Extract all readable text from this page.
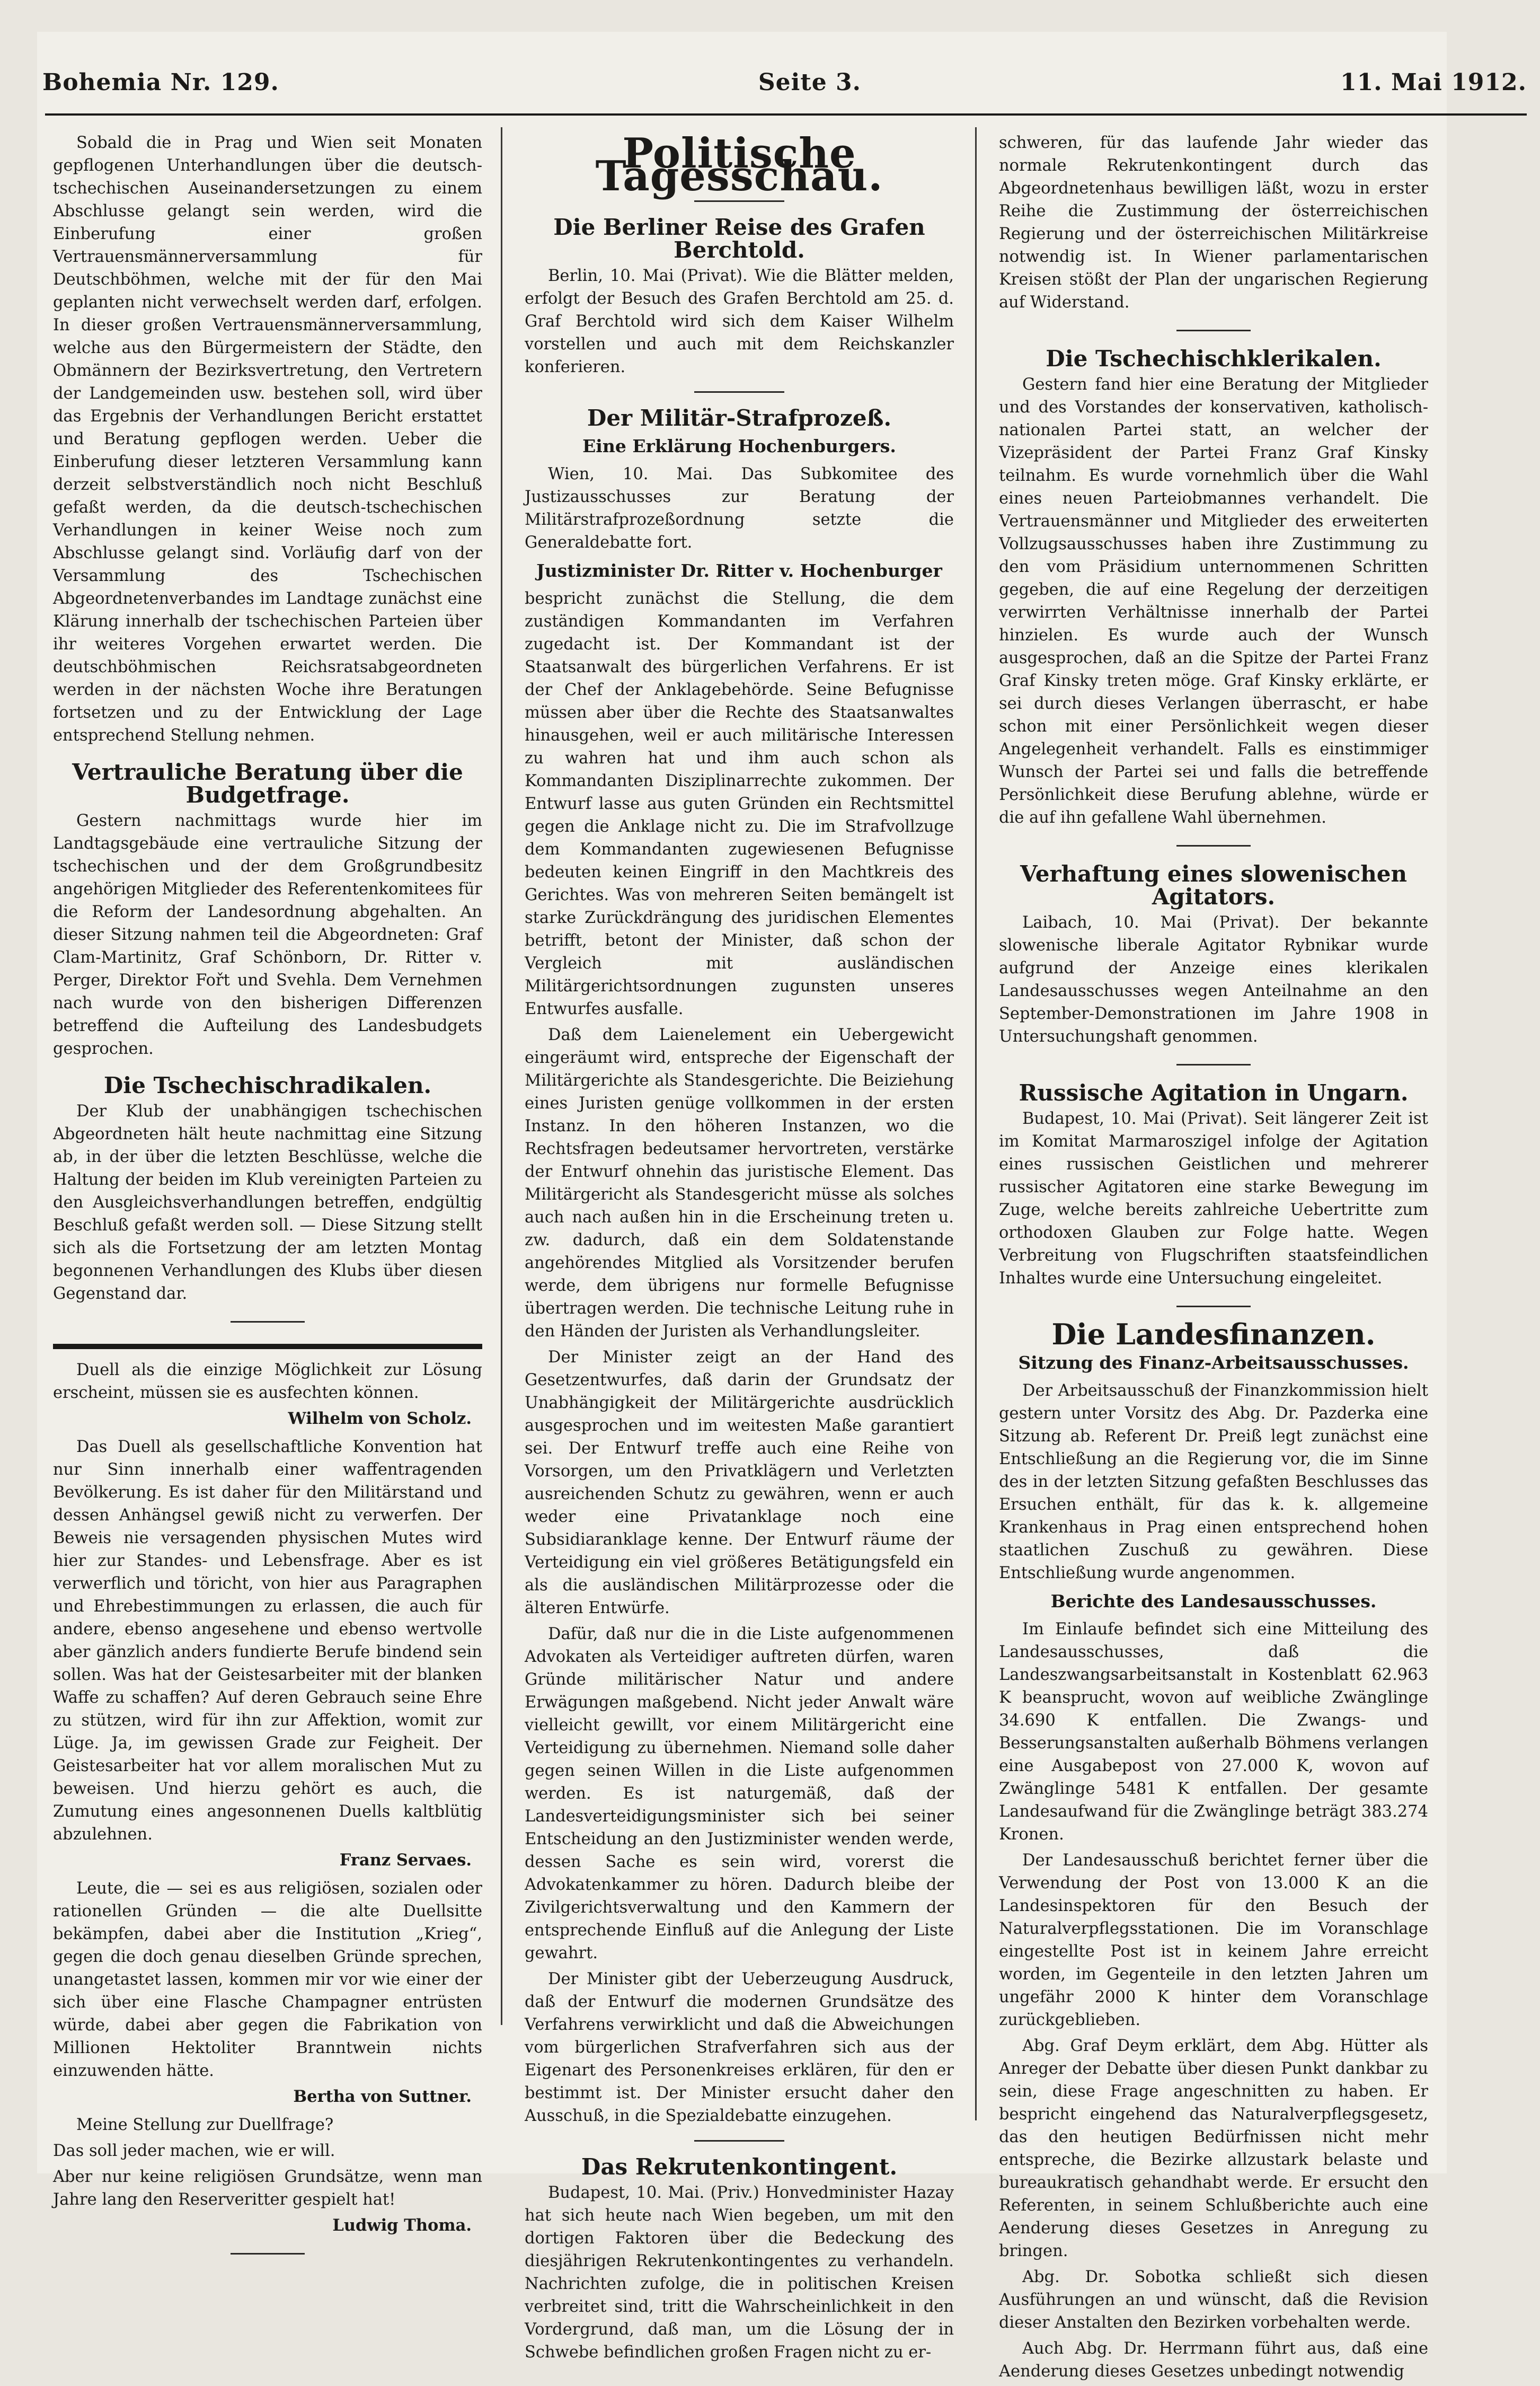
Bohemia Nr. 129.	Seite 3.	11. Mai 1912.

Sobald die in Prag und Wien seit Monaten gepflogenen Unterhandlungen über die deutsch-tschechischen Auseinandersetzungen zu einem Abschlusse gelangt sein werden, wird die Einberufung einer großen Vertrauensmännerversammlung für Deutschböhmen, welche mit der für den Mai geplanten nicht verwechselt werden darf, erfolgen. In dieser großen Vertrauensmännerversammlung, welche aus den Bürgermeistern der Städte, den Obmännern der Bezirksvertretung, den Vertretern der Landgemeinden usw. bestehen soll, wird über das Ergebnis der Verhandlungen Bericht erstattet und Beratung gepflogen werden. Ueber die Einberufung dieser letzteren Versammlung kann derzeit selbstverständlich noch nicht Beschluß gefaßt werden, da die deutsch-tschechischen Verhandlungen in keiner Weise noch zum Abschlusse gelangt sind. Vorläufig darf von der Versammlung des Tschechischen Abgeordnetenverbandes im Landtage zunächst eine Klärung innerhalb der tschechischen Parteien über ihr weiteres Vorgehen erwartet werden. Die deutschböhmischen Reichsratsabgeordneten werden in der nächsten Woche ihre Beratungen fortsetzen und zu der Entwicklung der Lage entsprechend Stellung nehmen.

Vertrauliche Beratung über die Budgetfrage.

Gestern nachmittags wurde hier im Landtagsgebäude eine vertrauliche Sitzung der tschechischen und der dem Großgrundbesitz angehörigen Mitglieder des Referentenkomitees für die Reform der Landesordnung abgehalten. An dieser Sitzung nahmen teil die Abgeordneten: Graf Clam-Martinitz, Graf Schönborn, Dr. Ritter v. Perger, Direktor Fořt und Svehla. Dem Vernehmen nach wurde von den bisherigen Differenzen betreffend die Aufteilung des Landesbudgets gesprochen.

Die Tschechischradikalen.

Der Klub der unabhängigen tschechischen Abgeordneten hält heute nachmittag eine Sitzung ab, in der über die letzten Beschlüsse, welche die Haltung der beiden im Klub vereinigten Parteien zu den Ausgleichsverhandlungen betreffen, endgültig Beschluß gefaßt werden soll. — Diese Sitzung stellt sich als die Fortsetzung der am letzten Montag begonnenen Verhandlungen des Klubs über diesen Gegenstand dar.

Duell als die einzige Möglichkeit zur Lösung erscheint, müssen sie es ausfechten können.

Wilhelm von Scholz.

Das Duell als gesellschaftliche Konvention hat nur Sinn innerhalb einer waffentragenden Bevölkerung. Es ist daher für den Militärstand und dessen Anhängsel gewiß nicht zu verwerfen. Der Beweis nie versagenden physischen Mutes wird hier zur Standes- und Lebensfrage. Aber es ist verwerflich und töricht, von hier aus Paragraphen und Ehrebestimmungen zu erlassen, die auch für andere, ebenso angesehene und ebenso wertvolle aber gänzlich anders fundierte Berufe bindend sein sollen. Was hat der Geistesarbeiter mit der blanken Waffe zu schaffen? Auf deren Gebrauch seine Ehre zu stützen, wird für ihn zur Affektion, womit zur Lüge. Ja, im gewissen Grade zur Feigheit. Der Geistesarbeiter hat vor allem moralischen Mut zu beweisen. Und hierzu gehört es auch, die Zumutung eines angesonnenen Duells kaltblütig abzulehnen.

Franz Servaes.

Leute, die — sei es aus religiösen, sozialen oder rationellen Gründen — die alte Duellsitte bekämpfen, dabei aber die Institution „Krieg“, gegen die doch genau dieselben Gründe sprechen, unangetastet lassen, kommen mir vor wie einer der sich über eine Flasche Champagner entrüsten würde, dabei aber gegen die Fabrikation von Millionen Hektoliter Branntwein nichts einzuwenden hätte.

Bertha von Suttner.

Meine Stellung zur Duellfrage?

Das soll jeder machen, wie er will.

Aber nur keine religiösen Grundsätze, wenn man Jahre lang den Reserveritter gespielt hat!

Ludwig Thoma.
Politische Tagesschau.
Die Berliner Reise des Grafen Berchtold.

Berlin, 10. Mai (Privat). Wie die Blätter melden, erfolgt der Besuch des Grafen Berchtold am 25. d. Graf Berchtold wird sich dem Kaiser Wilhelm vorstellen und auch mit dem Reichskanzler konferieren.

Der Militär-Strafprozeß.
Eine Erklärung Hochenburgers.

Wien, 10. Mai. Das Subkomitee des Justizausschusses zur Beratung der Militärstrafprozeßordnung setzte die Generaldebatte fort.

Justizminister Dr. Ritter v. Hochenburger

bespricht zunächst die Stellung, die dem zuständigen Kommandanten im Verfahren zugedacht ist. Der Kommandant ist der Staatsanwalt des bürgerlichen Verfahrens. Er ist der Chef der Anklagebehörde. Seine Befugnisse müssen aber über die Rechte des Staatsanwaltes hinausgehen, weil er auch militärische Interessen zu wahren hat und ihm auch schon als Kommandanten Disziplinarrechte zukommen. Der Entwurf lasse aus guten Gründen ein Rechtsmittel gegen die Anklage nicht zu. Die im Strafvollzuge dem Kommandanten zugewiesenen Befugnisse bedeuten keinen Eingriff in den Machtkreis des Gerichtes. Was von mehreren Seiten bemängelt ist starke Zurückdrängung des juridischen Elementes betrifft, betont der Minister, daß schon der Vergleich mit ausländischen Militärgerichtsordnungen zugunsten unseres Entwurfes ausfalle.

Daß dem Laienelement ein Uebergewicht eingeräumt wird, entspreche der Eigenschaft der Militärgerichte als Standesgerichte. Die Beiziehung eines Juristen genüge vollkommen in der ersten Instanz. In den höheren Instanzen, wo die Rechtsfragen bedeutsamer hervortreten, verstärke der Entwurf ohnehin das juristische Element. Das Militärgericht als Standesgericht müsse als solches auch nach außen hin in die Erscheinung treten u. zw. dadurch, daß ein dem Soldatenstande angehörendes Mitglied als Vorsitzender berufen werde, dem übrigens nur formelle Befugnisse übertragen werden. Die technische Leitung ruhe in den Händen der Juristen als Verhandlungsleiter.

Der Minister zeigt an der Hand des Gesetzentwurfes, daß darin der Grundsatz der Unabhängigkeit der Militärgerichte ausdrücklich ausgesprochen und im weitesten Maße garantiert sei. Der Entwurf treffe auch eine Reihe von Vorsorgen, um den Privatklägern und Verletzten ausreichenden Schutz zu gewähren, wenn er auch weder eine Privatanklage noch eine Subsidiaranklage kenne. Der Entwurf räume der Verteidigung ein viel größeres Betätigungsfeld ein als die ausländischen Militärprozesse oder die älteren Entwürfe.

Dafür, daß nur die in die Liste aufgenommenen Advokaten als Verteidiger auftreten dürfen, waren Gründe militärischer Natur und andere Erwägungen maßgebend. Nicht jeder Anwalt wäre vielleicht gewillt, vor einem Militärgericht eine Verteidigung zu übernehmen. Niemand solle daher gegen seinen Willen in die Liste aufgenommen werden. Es ist naturgemäß, daß der Landesverteidigungsminister sich bei seiner Entscheidung an den Justizminister wenden werde, dessen Sache es sein wird, vorerst die Advokatenkammer zu hören. Dadurch bleibe der Zivilgerichtsverwaltung und den Kammern der entsprechende Einfluß auf die Anlegung der Liste gewahrt.

Der Minister gibt der Ueberzeugung Ausdruck, daß der Entwurf die modernen Grundsätze des Verfahrens verwirklicht und daß die Abweichungen vom bürgerlichen Strafverfahren sich aus der Eigenart des Personenkreises erklären, für den er bestimmt ist. Der Minister ersucht daher den Ausschuß, in die Spezialdebatte einzugehen.

Das Rekrutenkontingent.

Budapest, 10. Mai. (Priv.) Honvedminister Hazay hat sich heute nach Wien begeben, um mit den dortigen Faktoren über die Bedeckung des diesjährigen Rekrutenkontingentes zu verhandeln. Nachrichten zufolge, die in politischen Kreisen verbreitet sind, tritt die Wahrscheinlichkeit in den Vordergrund, daß man, um die Lösung der in Schwebe befindlichen großen Fragen nicht zu er-

schweren, für das laufende Jahr wieder das normale Rekrutenkontingent durch das Abgeordnetenhaus bewilligen läßt, wozu in erster Reihe die Zustimmung der österreichischen Regierung und der österreichischen Militärkreise notwendig ist. In Wiener parlamentarischen Kreisen stößt der Plan der ungarischen Regierung auf Widerstand.

Die Tschechischklerikalen.

Gestern fand hier eine Beratung der Mitglieder und des Vorstandes der konservativen, katholisch-nationalen Partei statt, an welcher der Vizepräsident der Partei Franz Graf Kinsky teilnahm. Es wurde vornehmlich über die Wahl eines neuen Parteiobmannes verhandelt. Die Vertrauensmänner und Mitglieder des erweiterten Vollzugsausschusses haben ihre Zustimmung zu den vom Präsidium unternommenen Schritten gegeben, die auf eine Regelung der derzeitigen verwirrten Verhältnisse innerhalb der Partei hinzielen. Es wurde auch der Wunsch ausgesprochen, daß an die Spitze der Partei Franz Graf Kinsky treten möge. Graf Kinsky erklärte, er sei durch dieses Verlangen überrascht, er habe schon mit einer Persönlichkeit wegen dieser Angelegenheit verhandelt. Falls es einstimmiger Wunsch der Partei sei und falls die betreffende Persönlichkeit diese Berufung ablehne, würde er die auf ihn gefallene Wahl übernehmen.

Verhaftung eines slowenischen Agitators.

Laibach, 10. Mai (Privat). Der bekannte slowenische liberale Agitator Rybnikar wurde aufgrund der Anzeige eines klerikalen Landesausschusses wegen Anteilnahme an den September-Demonstrationen im Jahre 1908 in Untersuchungshaft genommen.

Russische Agitation in Ungarn.

Budapest, 10. Mai (Privat). Seit längerer Zeit ist im Komitat Marmaroszigel infolge der Agitation eines russischen Geistlichen und mehrerer russischer Agitatoren eine starke Bewegung im Zuge, welche bereits zahlreiche Uebertritte zum orthodoxen Glauben zur Folge hatte. Wegen Verbreitung von Flugschriften staatsfeindlichen Inhaltes wurde eine Untersuchung eingeleitet.

Die Landesfinanzen.
Sitzung des Finanz-Arbeitsausschusses.

Der Arbeitsausschuß der Finanzkommission hielt gestern unter Vorsitz des Abg. Dr. Pazderka eine Sitzung ab. Referent Dr. Preiß legt zunächst eine Entschließung an die Regierung vor, die im Sinne des in der letzten Sitzung gefaßten Beschlusses das Ersuchen enthält, für das k. k. allgemeine Krankenhaus in Prag einen entsprechend hohen staatlichen Zuschuß zu gewähren. Diese Entschließung wurde angenommen.

Berichte des Landesausschusses.

Im Einlaufe befindet sich eine Mitteilung des Landesausschusses, daß die Landeszwangsarbeitsanstalt in Kostenblatt 62.963 K beansprucht, wovon auf weibliche Zwänglinge 34.690 K entfallen. Die Zwangs- und Besserungsanstalten außerhalb Böhmens verlangen eine Ausgabepost von 27.000 K, wovon auf Zwänglinge 5481 K entfallen. Der gesamte Landesaufwand für die Zwänglinge beträgt 383.274 Kronen.

Der Landesausschuß berichtet ferner über die Verwendung der Post von 13.000 K an die Landesinspektoren für den Besuch der Naturalverpflegsstationen. Die im Voranschlage eingestellte Post ist in keinem Jahre erreicht worden, im Gegenteile in den letzten Jahren um ungefähr 2000 K hinter dem Voranschlage zurückgeblieben.

Abg. Graf Deym erklärt, dem Abg. Hütter als Anreger der Debatte über diesen Punkt dankbar zu sein, diese Frage angeschnitten zu haben. Er bespricht eingehend das Naturalverpflegsgesetz, das den heutigen Bedürfnissen nicht mehr entspreche, die Bezirke allzustark belaste und bureaukratisch gehandhabt werde. Er ersucht den Referenten, in seinem Schlußberichte auch eine Aenderung dieses Gesetzes in Anregung zu bringen.

Abg. Dr. Sobotka schließt sich diesen Ausführungen an und wünscht, daß die Revision dieser Anstalten den Bezirken vorbehalten werde.

Auch Abg. Dr. Herrmann führt aus, daß eine Aenderung dieses Gesetzes unbedingt notwendig
